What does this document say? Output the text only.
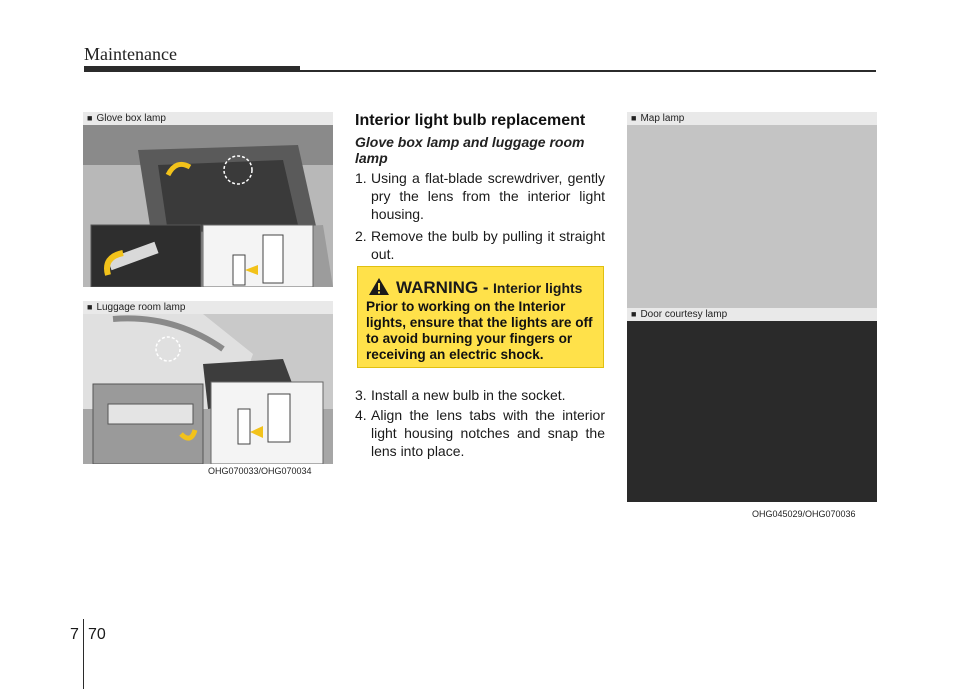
Maintenance
■ Glove box lamp
■ Luggage room lamp
OHG070033/OHG070034
Interior light bulb replacement
Glove box lamp and luggage room lamp
1. Using a flat-blade screwdriver, gently pry the lens from the interior light housing.
2. Remove the bulb by pulling it straight out.
WARNING - Interior lights
Prior to working on the Interior lights, ensure that the lights are off to avoid burning your fingers or receiving an electric shock.
3. Install a new bulb in the socket.
4. Align the lens tabs with the interior light housing notches and snap the lens into place.
■ Map lamp
■ Door courtesy lamp
OHG045029/OHG070036
7 70
